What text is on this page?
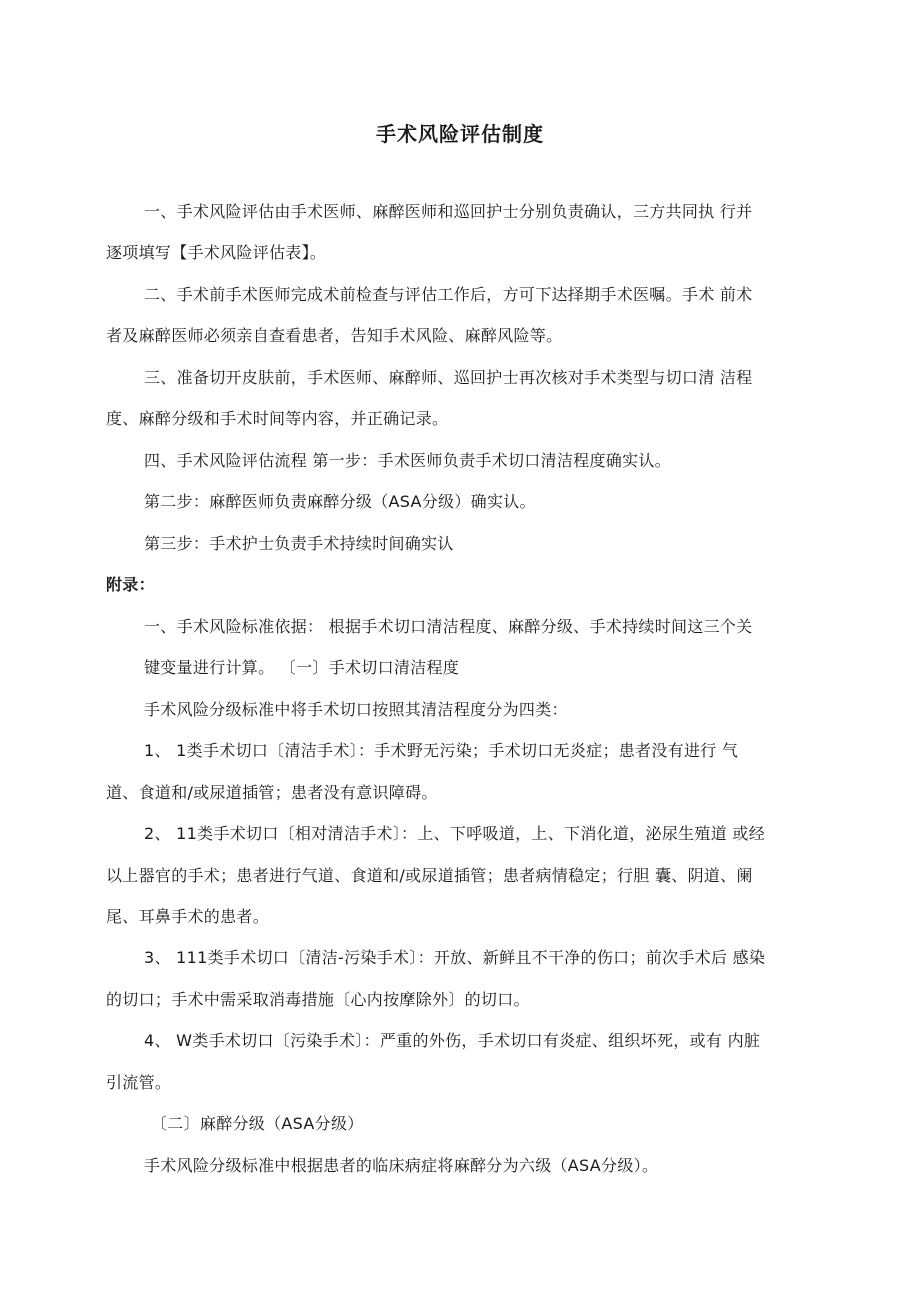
手术风险评估制度
一、手术风险评估由手术医师、麻醉医师和巡回护士分别负责确认，三方共同执 行并
逐项填写【手术风险评估表】。
二、手术前手术医师完成术前检查与评估工作后，方可下达择期手术医嘱。手术 前术
者及麻醉医师必须亲自查看患者，告知手术风险、麻醉风险等。
三、准备切开皮肤前，手术医师、麻醉师、巡回护士再次核对手术类型与切口清 洁程
度、麻醉分级和手术时间等内容，并正确记录。
四、手术风险评估流程 第一步：手术医师负责手术切口清洁程度确实认。
第二步：麻醉医师负责麻醉分级（ASA分级）确实认。
第三步：手术护士负责手术持续时间确实认
附录：
一、手术风险标准依据： 根据手术切口清洁程度、麻醉分级、手术持续时间这三个关
键变量进行计算。 〔一〕手术切口清洁程度
手术风险分级标准中将手术切口按照其清洁程度分为四类：
1、 1类手术切口〔清洁手术〕：手术野无污染；手术切口无炎症；患者没有进行 气
道、食道和/或尿道插管；患者没有意识障碍。
2、 11类手术切口〔相对清洁手术〕：上、下呼吸道，上、下消化道，泌尿生殖道 或经
以上器官的手术；患者进行气道、食道和/或尿道插管；患者病情稳定；行胆 囊、阴道、阑
尾、耳鼻手术的患者。
3、 111类手术切口〔清洁-污染手术〕：开放、新鲜且不干净的伤口；前次手术后 感染
的切口；手术中需采取消毒措施〔心内按摩除外〕的切口。
4、 W类手术切口〔污染手术〕：严重的外伤，手术切口有炎症、组织坏死，或有 内脏
引流管。
〔二〕麻醉分级（ASA分级）
手术风险分级标准中根据患者的临床病症将麻醉分为六级（ASA分级）。
